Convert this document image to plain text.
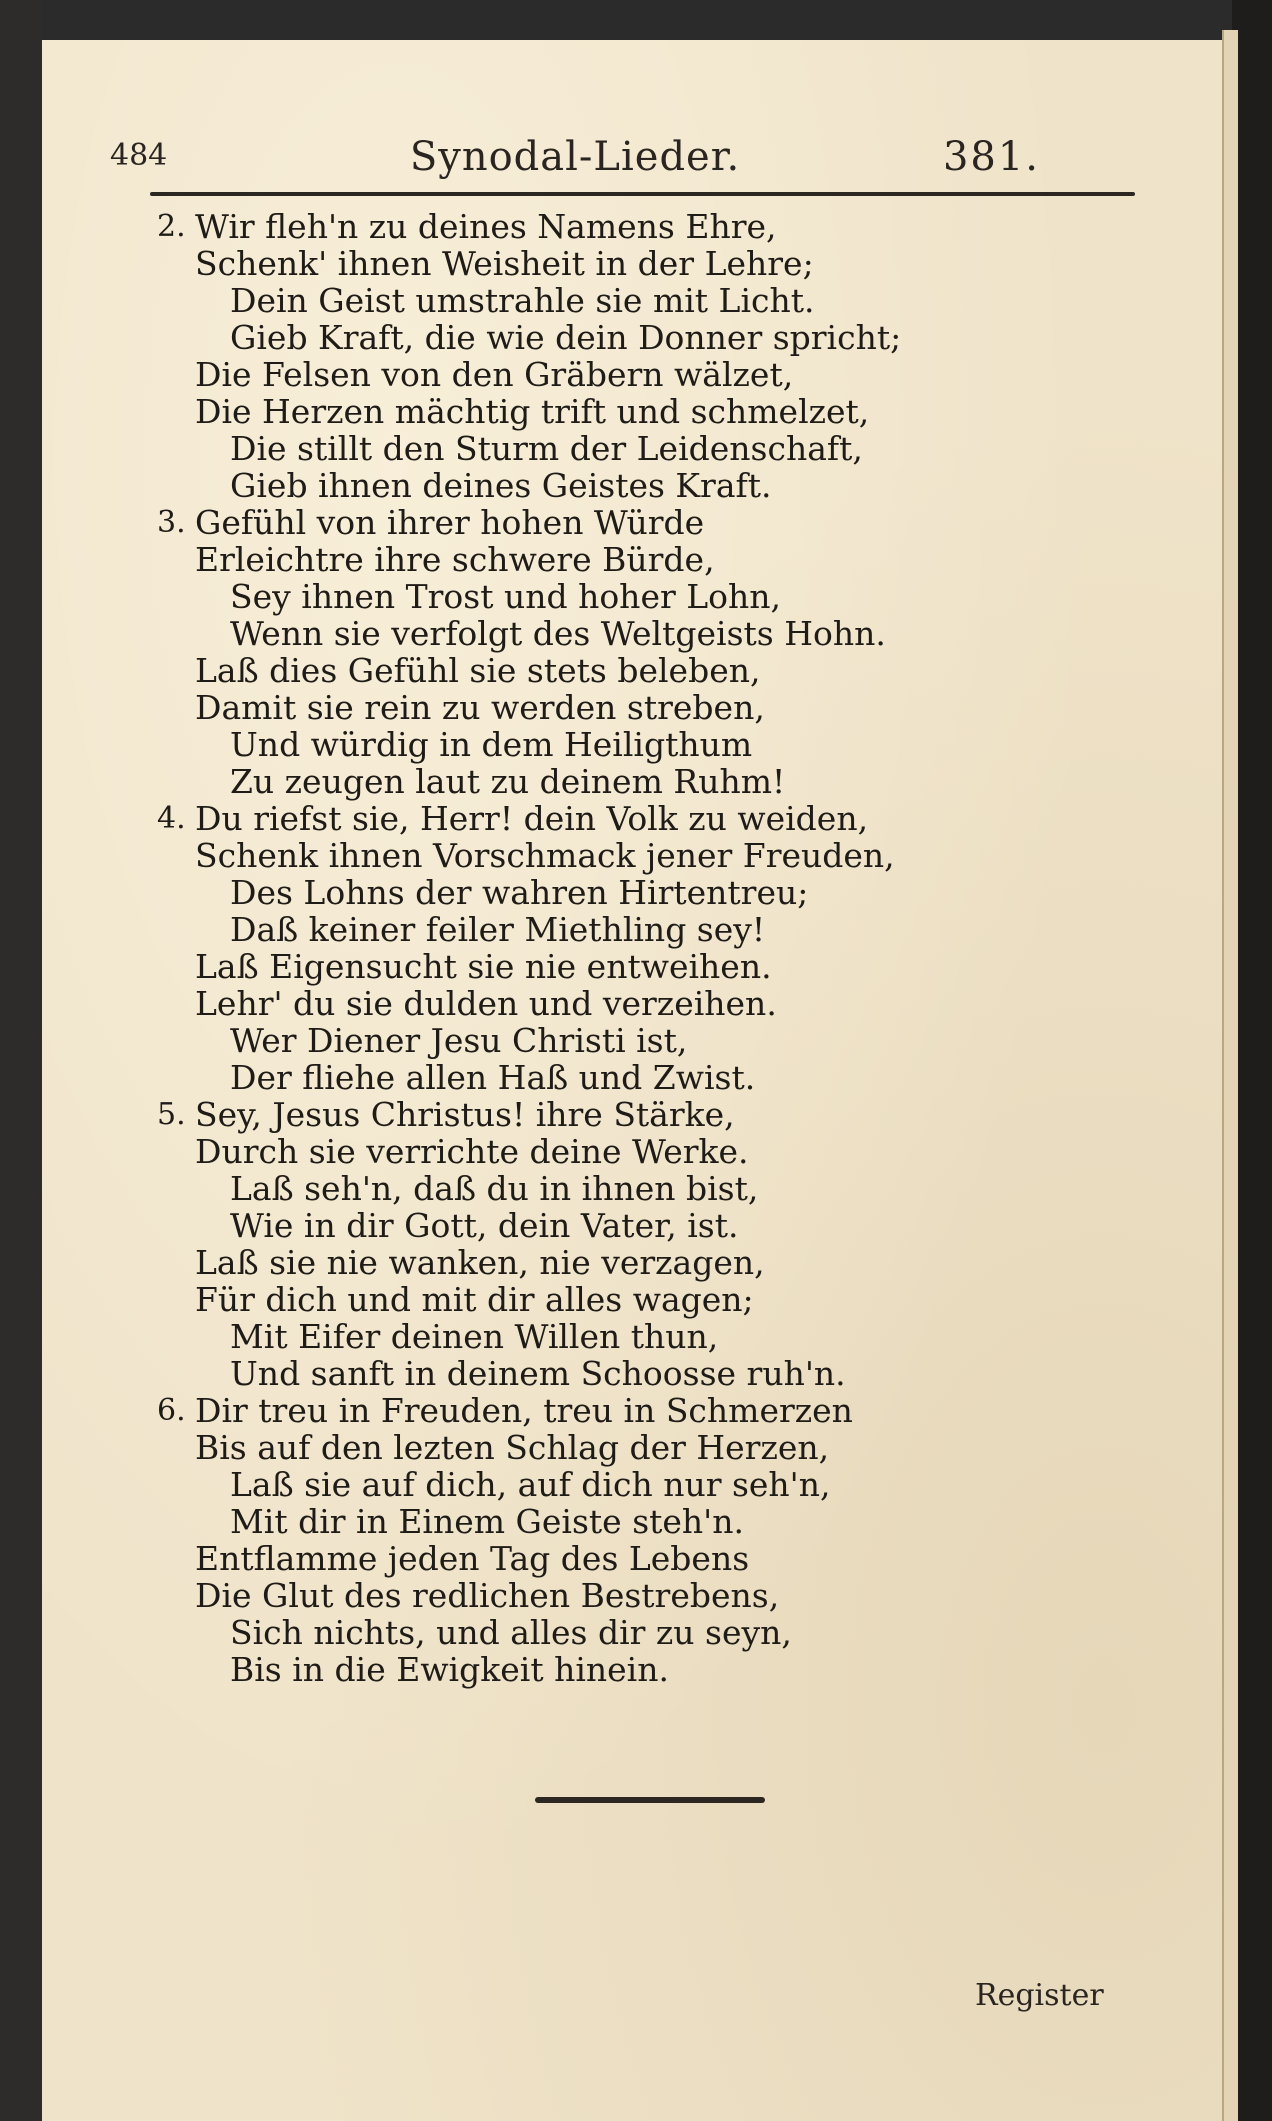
484	Synodal-Lieder.	381.
2. Wir fleh'n zu deines Namens Ehre,
Schenk' ihnen Weisheit in der Lehre;
Dein Geist umstrahle sie mit Licht.
Gieb Kraft, die wie dein Donner spricht;
Die Felsen von den Gräbern wälzet,
Die Herzen mächtig trift und schmelzet,
Die stillt den Sturm der Leidenschaft,
Gieb ihnen deines Geistes Kraft.
3. Gefühl von ihrer hohen Würde
Erleichtre ihre schwere Bürde,
Sey ihnen Trost und hoher Lohn,
Wenn sie verfolgt des Weltgeists Hohn.
Laß dies Gefühl sie stets beleben,
Damit sie rein zu werden streben,
Und würdig in dem Heiligthum
Zu zeugen laut zu deinem Ruhm!
4. Du riefst sie, Herr! dein Volk zu weiden,
Schenk ihnen Vorschmack jener Freuden,
Des Lohns der wahren Hirtentreu;
Daß keiner feiler Miethling sey!
Laß Eigensucht sie nie entweihen.
Lehr' du sie dulden und verzeihen.
Wer Diener Jesu Christi ist,
Der fliehe allen Haß und Zwist.
5. Sey, Jesus Christus! ihre Stärke,
Durch sie verrichte deine Werke.
Laß seh'n, daß du in ihnen bist,
Wie in dir Gott, dein Vater, ist.
Laß sie nie wanken, nie verzagen,
Für dich und mit dir alles wagen;
Mit Eifer deinen Willen thun,
Und sanft in deinem Schoosse ruh'n.
6. Dir treu in Freuden, treu in Schmerzen
Bis auf den lezten Schlag der Herzen,
Laß sie auf dich, auf dich nur seh'n,
Mit dir in Einem Geiste steh'n.
Entflamme jeden Tag des Lebens
Die Glut des redlichen Bestrebens,
Sich nichts, und alles dir zu seyn,
Bis in die Ewigkeit hinein.
Register
